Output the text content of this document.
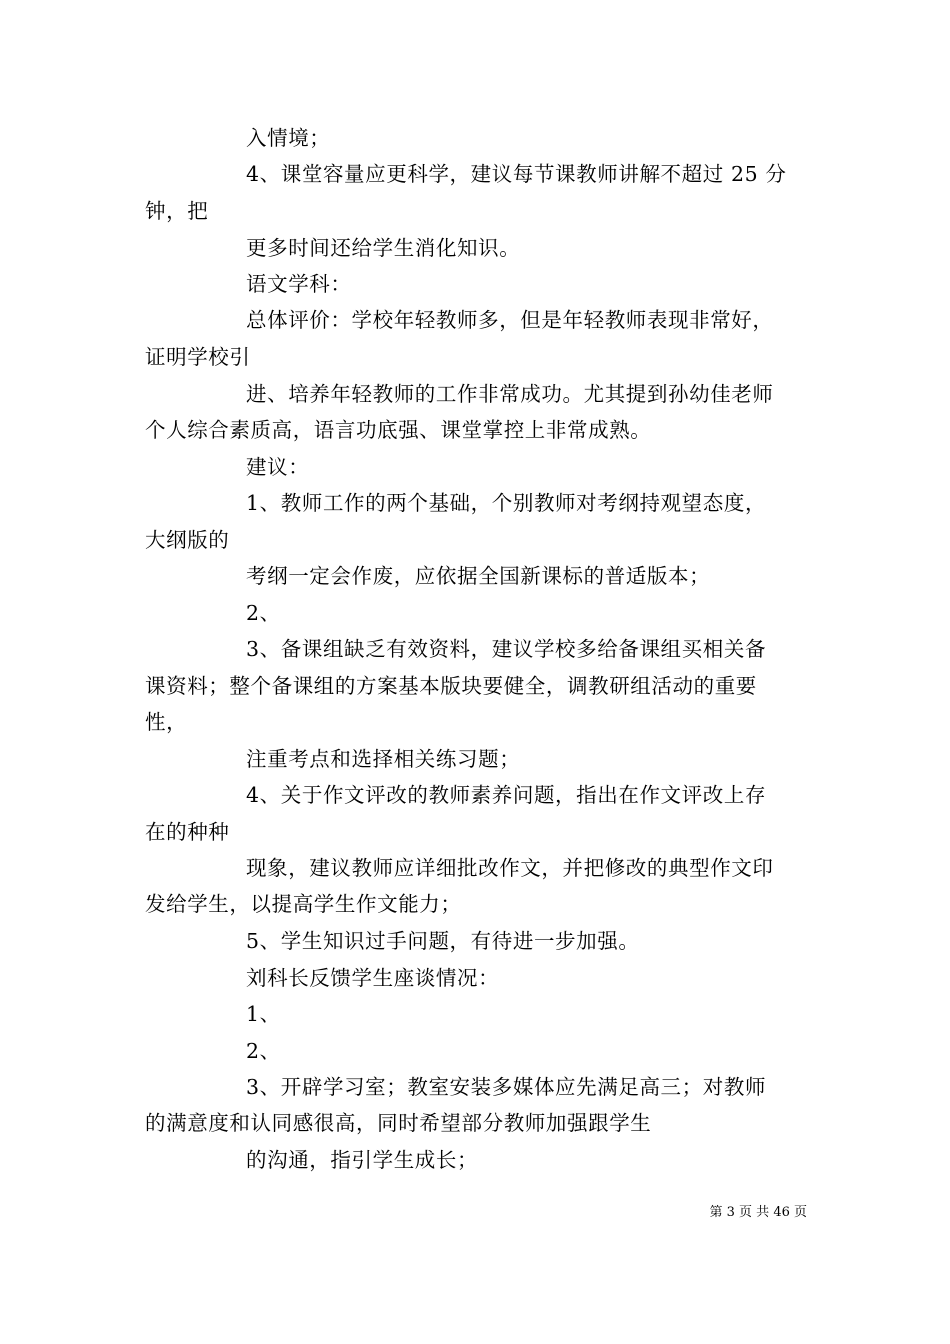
入情境；
4、课堂容量应更科学，建议每节课教师讲解不超过 25 分
钟，把
更多时间还给学生消化知识。
语文学科：
总体评价：学校年轻教师多，但是年轻教师表现非常好，
证明学校引
进、培养年轻教师的工作非常成功。尤其提到孙幼佳老师
个人综合素质高，语言功底强、课堂掌控上非常成熟。
建议：
1、教师工作的两个基础，个别教师对考纲持观望态度，
大纲版的
考纲一定会作废，应依据全国新课标的普适版本；
2、
3、备课组缺乏有效资料，建议学校多给备课组买相关备
课资料；整个备课组的方案基本版块要健全，调教研组活动的重要
性，
注重考点和选择相关练习题；
4、关于作文评改的教师素养问题，指出在作文评改上存
在的种种
现象，建议教师应详细批改作文，并把修改的典型作文印
发给学生，以提高学生作文能力；
5、学生知识过手问题，有待进一步加强。
刘科长反馈学生座谈情况：
1、
2、
3、开辟学习室；教室安装多媒体应先满足高三；对教师
的满意度和认同感很高，同时希望部分教师加强跟学生
的沟通，指引学生成长；
第 3 页 共 46 页
